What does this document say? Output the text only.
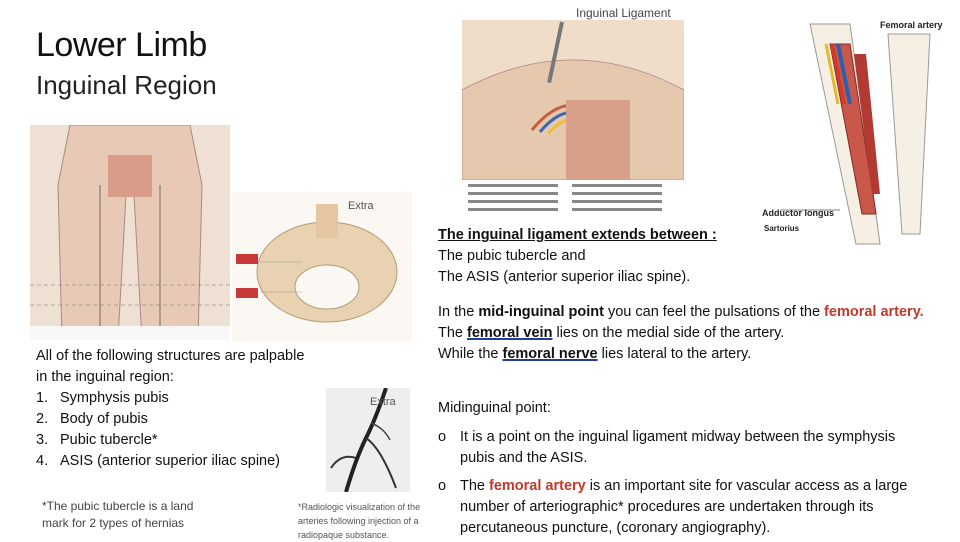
Lower Limb
Inguinal Region
Extra
Inguinal Ligament
Femoral artery
Adductor longus
Sartorius
The inguinal ligament extends between :
The pubic tubercle and
The ASIS (anterior superior iliac spine).
In the mid-inguinal point you can feel the pulsations of the femoral artery.
The femoral vein lies on the medial side of the artery.
While the femoral nerve lies lateral to the artery.
Midinguinal point:
o It is a point on the inguinal ligament midway between the symphysis pubis and the ASIS.
o The femoral artery is an important site for vascular access as a large number of arteriographic* procedures are undertaken through its percutaneous puncture, (coronary angiography).
All of the following structures are palpable in the inguinal region:
1. Symphysis pubis
2. Body of pubis
3. Pubic tubercle*
4. ASIS (anterior superior iliac spine)
*The pubic tubercle is a land mark for 2 types of hernias
Extra
*Radiologic visualization of the arteries following injection of a radiopaque substance.
